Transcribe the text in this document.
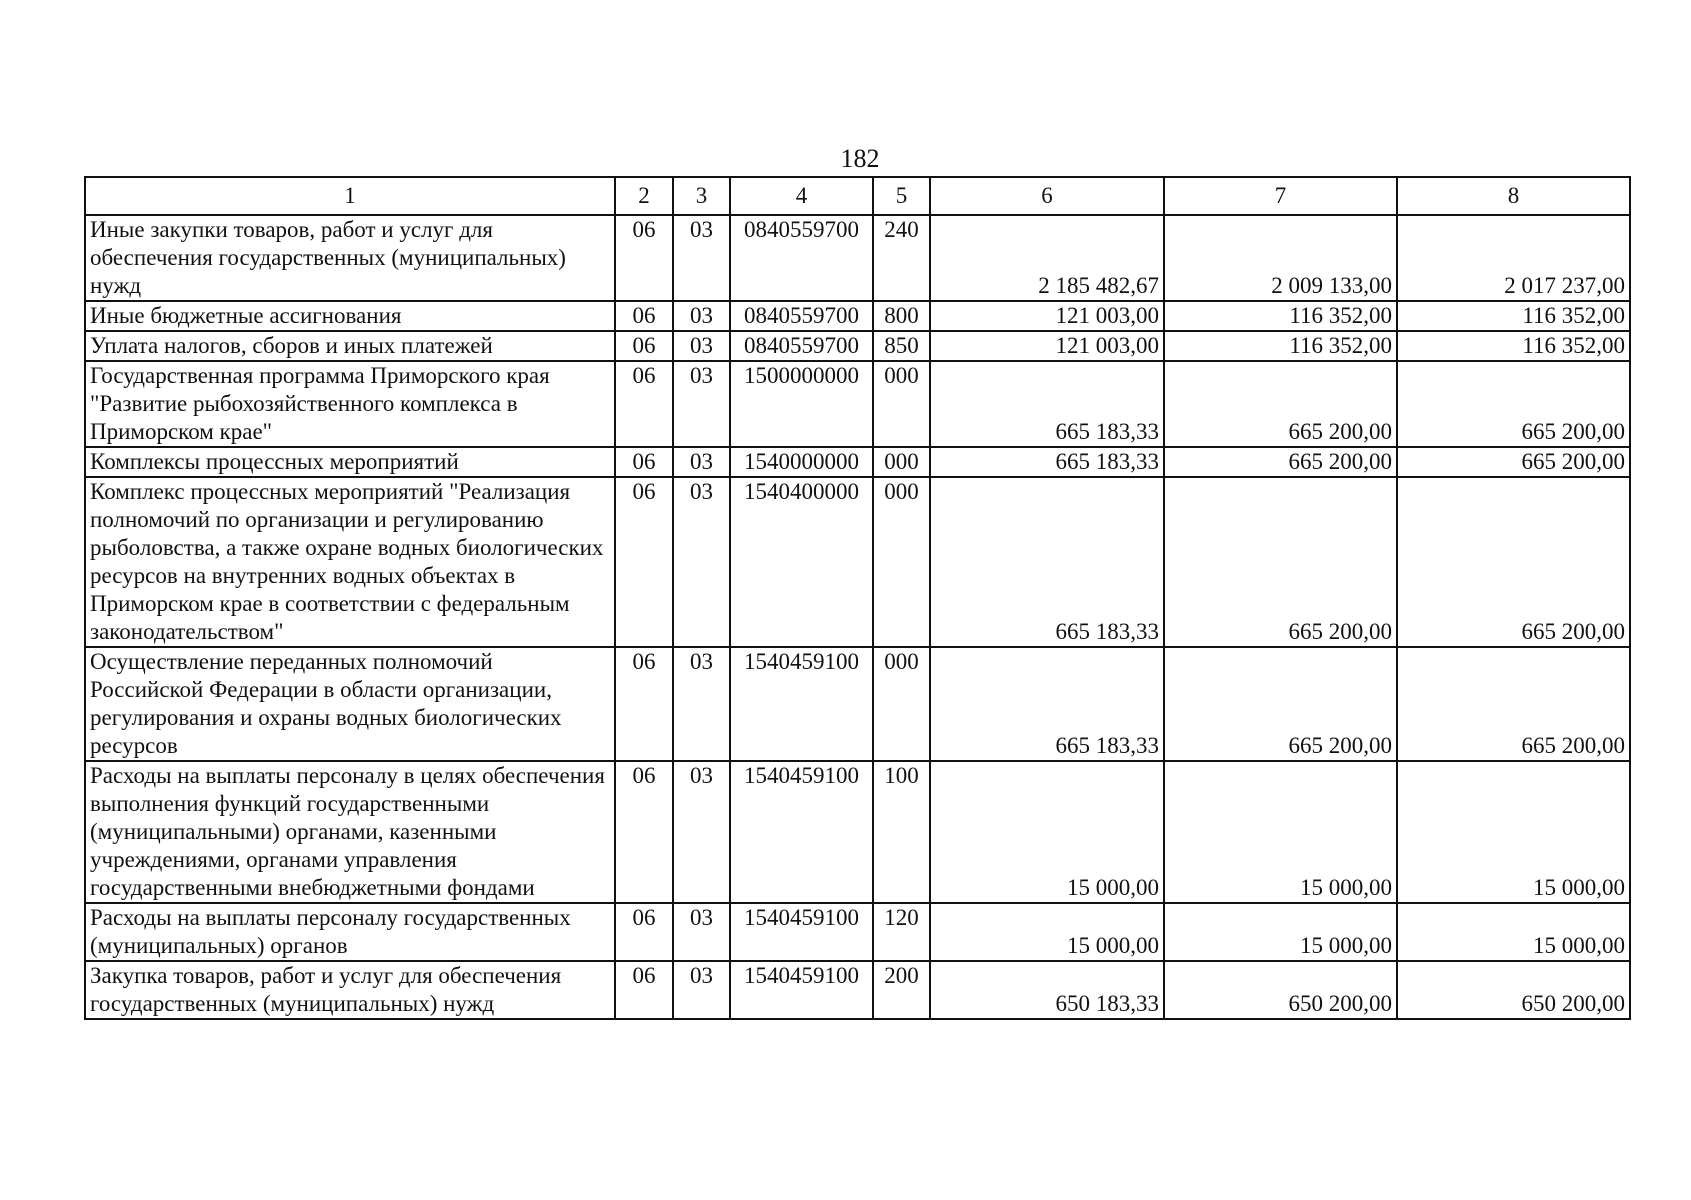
182
1	2	3	4	5	6	7	8
Иные закупки товаров, работ и услуг для обеспечения государственных (муниципальных) нужд	06	03	0840559700	240	2 185 482,67	2 009 133,00	2 017 237,00
Иные бюджетные ассигнования	06	03	0840559700	800	121 003,00	116 352,00	116 352,00
Уплата налогов, сборов и иных платежей	06	03	0840559700	850	121 003,00	116 352,00	116 352,00
Государственная программа Приморского края "Развитие рыбохозяйственного комплекса в Приморском крае"	06	03	1500000000	000	665 183,33	665 200,00	665 200,00
Комплексы процессных мероприятий	06	03	1540000000	000	665 183,33	665 200,00	665 200,00
Комплекс процессных мероприятий "Реализация полномочий по организации и регулированию рыболовства, а также охране водных биологических ресурсов на внутренних водных объектах в Приморском крае в соответствии с федеральным законодательством"	06	03	1540400000	000	665 183,33	665 200,00	665 200,00
Осуществление переданных полномочий Российской Федерации в области организации, регулирования и охраны водных биологических ресурсов	06	03	1540459100	000	665 183,33	665 200,00	665 200,00
Расходы на выплаты персоналу в целях обеспечения выполнения функций государственными (муниципальными) органами, казенными учреждениями, органами управления государственными внебюджетными фондами	06	03	1540459100	100	15 000,00	15 000,00	15 000,00
Расходы на выплаты персоналу государственных (муниципальных) органов	06	03	1540459100	120	15 000,00	15 000,00	15 000,00
Закупка товаров, работ и услуг для обеспечения государственных (муниципальных) нужд	06	03	1540459100	200	650 183,33	650 200,00	650 200,00
